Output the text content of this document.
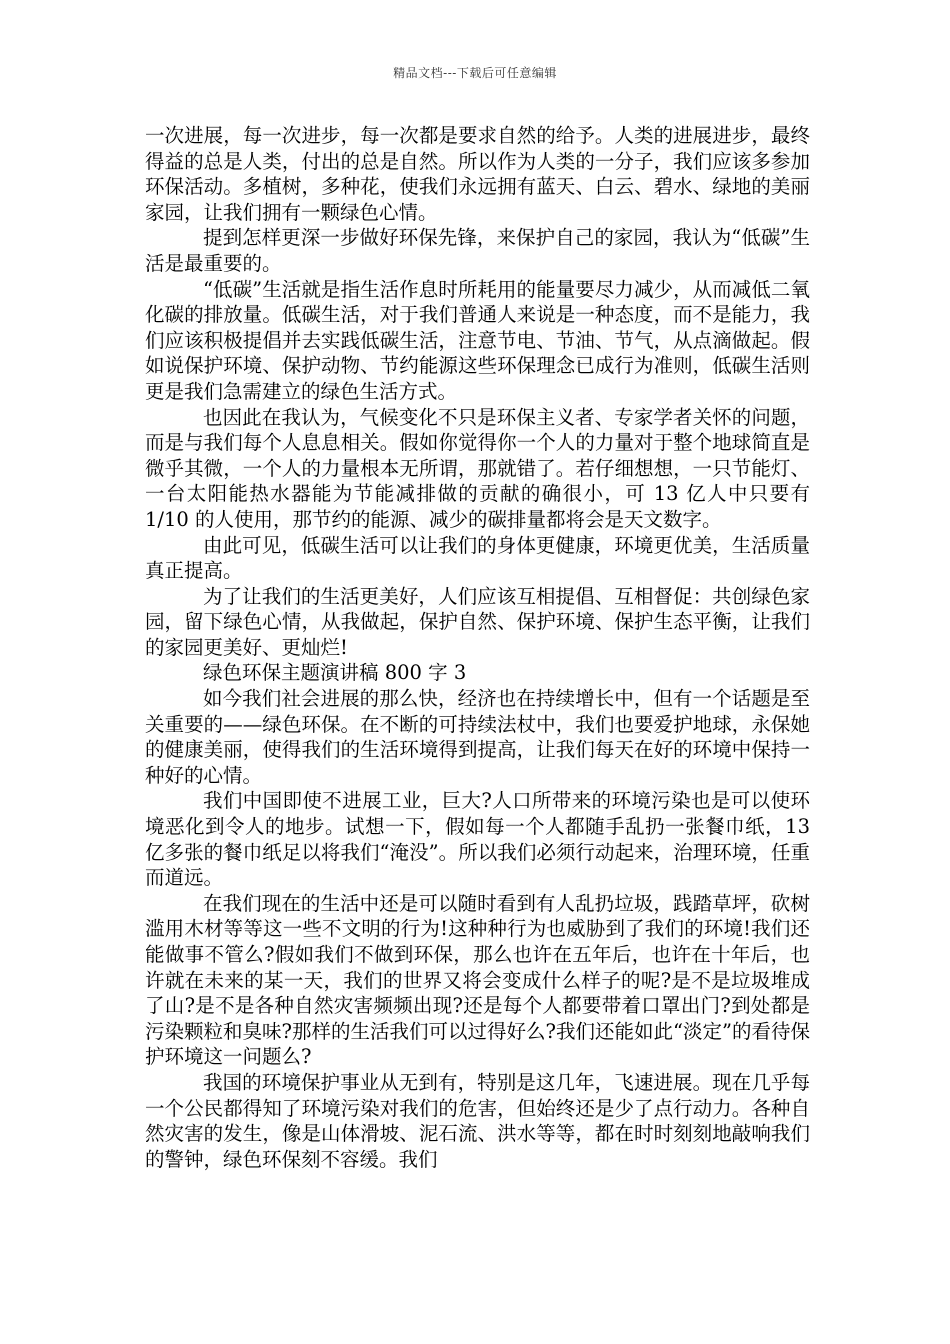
精品文档---下载后可任意编辑

一次进展，每一次进步，每一次都是要求自然的给予。人类的进展进步，最终得益的总是人类，付出的总是自然。所以作为人类的一分子，我们应该多参加环保活动。多植树，多种花，使我们永远拥有蓝天、白云、碧水、绿地的美丽家园，让我们拥有一颗绿色心情。

提到怎样更深一步做好环保先锋，来保护自己的家园，我认为“低碳”生活是最重要的。

“低碳”生活就是指生活作息时所耗用的能量要尽力减少，从而减低二氧化碳的排放量。低碳生活，对于我们普通人来说是一种态度，而不是能力，我们应该积极提倡并去实践低碳生活，注意节电、节油、节气，从点滴做起。假如说保护环境、保护动物、节约能源这些环保理念已成行为准则，低碳生活则更是我们急需建立的绿色生活方式。

也因此在我认为，气候变化不只是环保主义者、专家学者关怀的问题，而是与我们每个人息息相关。假如你觉得你一个人的力量对于整个地球简直是微乎其微，一个人的力量根本无所谓，那就错了。若仔细想想，一只节能灯、一台太阳能热水器能为节能减排做的贡献的确很小，可 13 亿人中只要有 1/10 的人使用，那节约的能源、减少的碳排量都将会是天文数字。

由此可见，低碳生活可以让我们的身体更健康，环境更优美，生活质量真正提高。

为了让我们的生活更美好，人们应该互相提倡、互相督促：共创绿色家园，留下绿色心情，从我做起，保护自然、保护环境、保护生态平衡，让我们的家园更美好、更灿烂!

绿色环保主题演讲稿 800 字 3

如今我们社会进展的那么快，经济也在持续增长中，但有一个话题是至关重要的——绿色环保。在不断的可持续法杖中，我们也要爱护地球，永保她的健康美丽，使得我们的生活环境得到提高，让我们每天在好的环境中保持一种好的心情。

我们中国即使不进展工业，巨大?人口所带来的环境污染也是可以使环境恶化到令人的地步。试想一下，假如每一个人都随手乱扔一张餐巾纸，13 亿多张的餐巾纸足以将我们“淹没”。所以我们必须行动起来，治理环境，任重而道远。

在我们现在的生活中还是可以随时看到有人乱扔垃圾，践踏草坪，砍树滥用木材等等这一些不文明的行为!这种种行为也威胁到了我们的环境!我们还能做事不管么?假如我们不做到环保，那么也许在五年后，也许在十年后，也许就在未来的某一天，我们的世界又将会变成什么样子的呢?是不是垃圾堆成了山?是不是各种自然灾害频频出现?还是每个人都要带着口罩出门?到处都是污染颗粒和臭味?那样的生活我们可以过得好么?我们还能如此“淡定”的看待保护环境这一问题么?

我国的环境保护事业从无到有，特别是这几年，飞速进展。现在几乎每一个公民都得知了环境污染对我们的危害，但始终还是少了点行动力。各种自然灾害的发生，像是山体滑坡、泥石流、洪水等等，都在时时刻刻地敲响我们的警钟，绿色环保刻不容缓。我们
